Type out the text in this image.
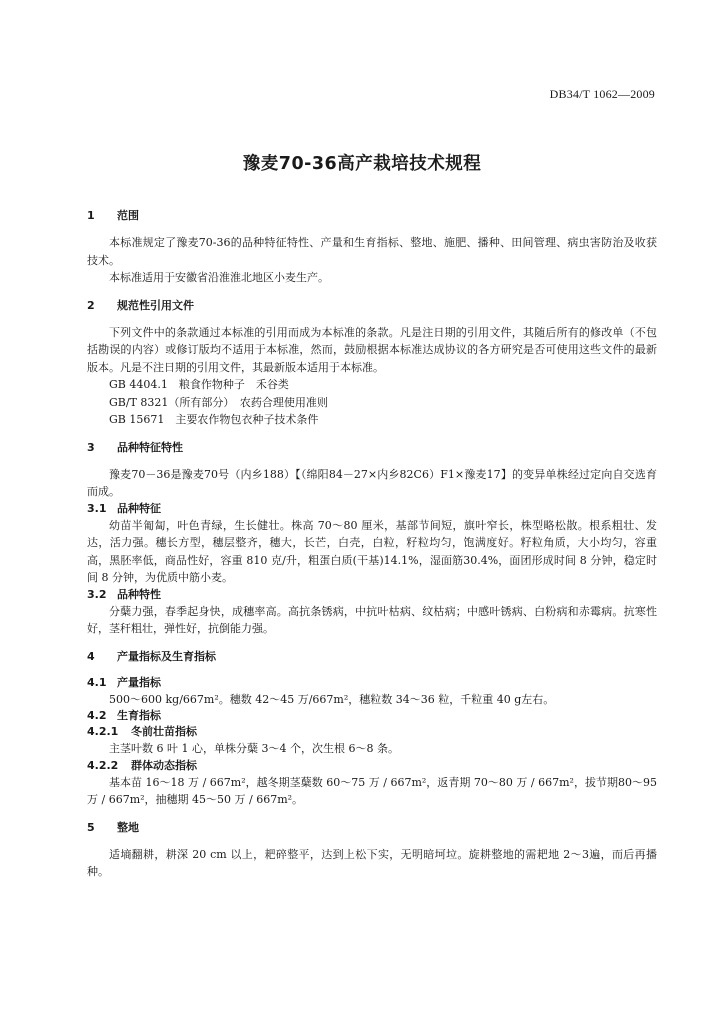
DB34/T 1062—2009
豫麦70-36高产栽培技术规程
1 范围

本标准规定了豫麦70-36的品种特征特性、产量和生育指标、整地、施肥、播种、田间管理、病虫害防治及收获技术。

本标准适用于安徽省沿淮淮北地区小麦生产。

2 规范性引用文件

下列文件中的条款通过本标准的引用而成为本标准的条款。凡是注日期的引用文件，其随后所有的修改单（不包括勘误的内容）或修订版均不适用于本标准，然而，鼓励根据本标准达成协议的各方研究是否可使用这些文件的最新版本。凡是不注日期的引用文件，其最新版本适用于本标准。

GB 4404.1　粮食作物种子　禾谷类
GB/T 8321（所有部分）　农药合理使用准则
GB 15671　主要农作物包衣种子技术条件
3 品种特征特性

豫麦70－36是豫麦70号（内乡188）【（绵阳84－27×内乡82C6）F1×豫麦17】的变异单株经过定向自交选育而成。

3.1 品种特征

幼苗半匍匐，叶色青绿，生长健壮。株高 70～80 厘米，基部节间短，旗叶窄长，株型略松散。根系粗壮、发达，活力强。穗长方型，穗层整齐，穗大，长芒，白壳，白粒，籽粒均匀，饱满度好。籽粒角质，大小均匀，容重高，黑胚率低，商品性好，容重 810 克/升，粗蛋白质(干基)14.1%，湿面筋30.4%，面团形成时间 8 分钟，稳定时间 8 分钟，为优质中筋小麦。

3.2 品种特性

分蘖力强，春季起身快，成穗率高。高抗条锈病，中抗叶枯病、纹枯病；中感叶锈病、白粉病和赤霉病。抗寒性好，茎秆粗壮，弹性好，抗倒能力强。

4 产量指标及生育指标
4.1 产量指标

500～600 kg/667m²。穗数 42～45 万/667m²，穗粒数 34～36 粒，千粒重 40 g左右。

4.2 生育指标
4.2.1 冬前壮苗指标

主茎叶数 6 叶 1 心，单株分蘖 3～4 个，次生根 6～8 条。

4.2.2 群体动态指标

基本苗 16～18 万 / 667m²，越冬期茎蘖数 60～75 万 / 667m²，返青期 70～80 万 / 667m²，拔节期80～95 万 / 667m²，抽穗期 45～50 万 / 667m²。

5 整地

适墒翻耕，耕深 20 cm 以上，耙碎整平，达到上松下实，无明暗坷垃。旋耕整地的需耙地 2～3遍，而后再播种。
